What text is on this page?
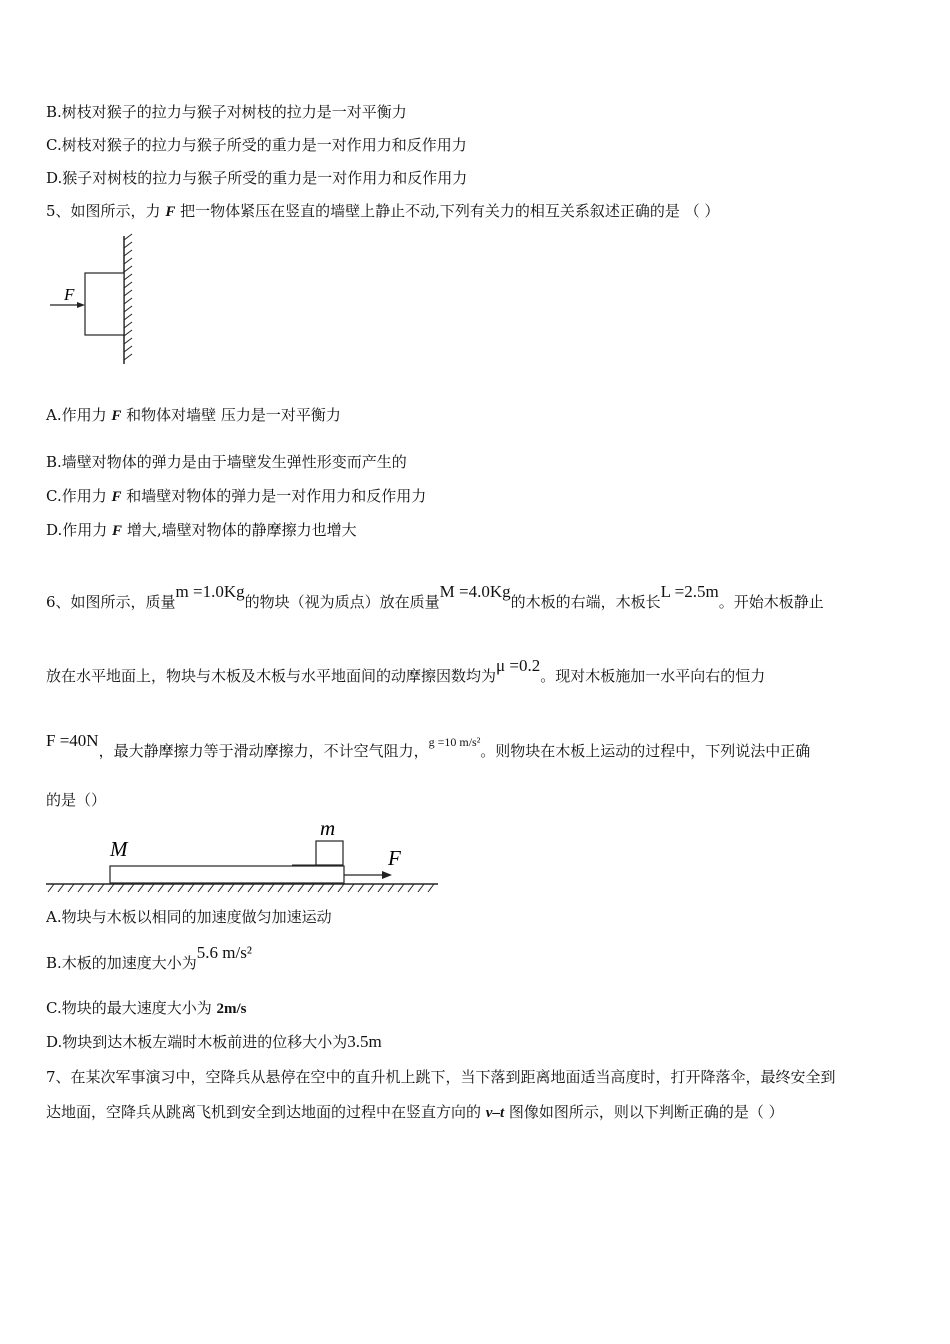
B.树枝对猴子的拉力与猴子对树枝的拉力是一对平衡力
C.树枝对猴子的拉力与猴子所受的重力是一对作用力和反作用力
D.猴子对树枝的拉力与猴子所受的重力是一对作用力和反作用力
5、如图所示，力 F 把一物体紧压在竖直的墙壁上静止不动,下列有关力的相互关系叙述正确的是 （ ）
F
A.作用力 F 和物体对墙壁 压力是一对平衡力
B.墙壁对物体的弹力是由于墙壁发生弹性形变而产生的
C.作用力 F 和墙壁对物体的弹力是一对作用力和反作用力
D.作用力 F 增大,墙壁对物体的静摩擦力也增大
6、如图所示，质量m =1.0Kg的物块（视为质点）放在质量M =4.0Kg的木板的右端，木板长L =2.5m。开始木板静止
放在水平地面上，物块与木板及木板与水平地面间的动摩擦因数均为μ =0.2。现对木板施加一水平向右的恒力
F =40N，最大静摩擦力等于滑动摩擦力，不计空气阻力，$^{g =10 m/s^2}$。则物块在木板上运动的过程中，下列说法中正确
的是（）
M
m
F
A.物块与木板以相同的加速度做匀加速运动
B.木板的加速度大小为5.6 m/s²
C.物块的最大速度大小为 2m/s
D.物块到达木板左端时木板前进的位移大小为3.5m
7、在某次军事演习中，空降兵从悬停在空中的直升机上跳下，当下落到距离地面适当高度时，打开降落伞，最终安全到
达地面，空降兵从跳离飞机到安全到达地面的过程中在竖直方向的 v–t 图像如图所示，则以下判断正确的是（ ）
